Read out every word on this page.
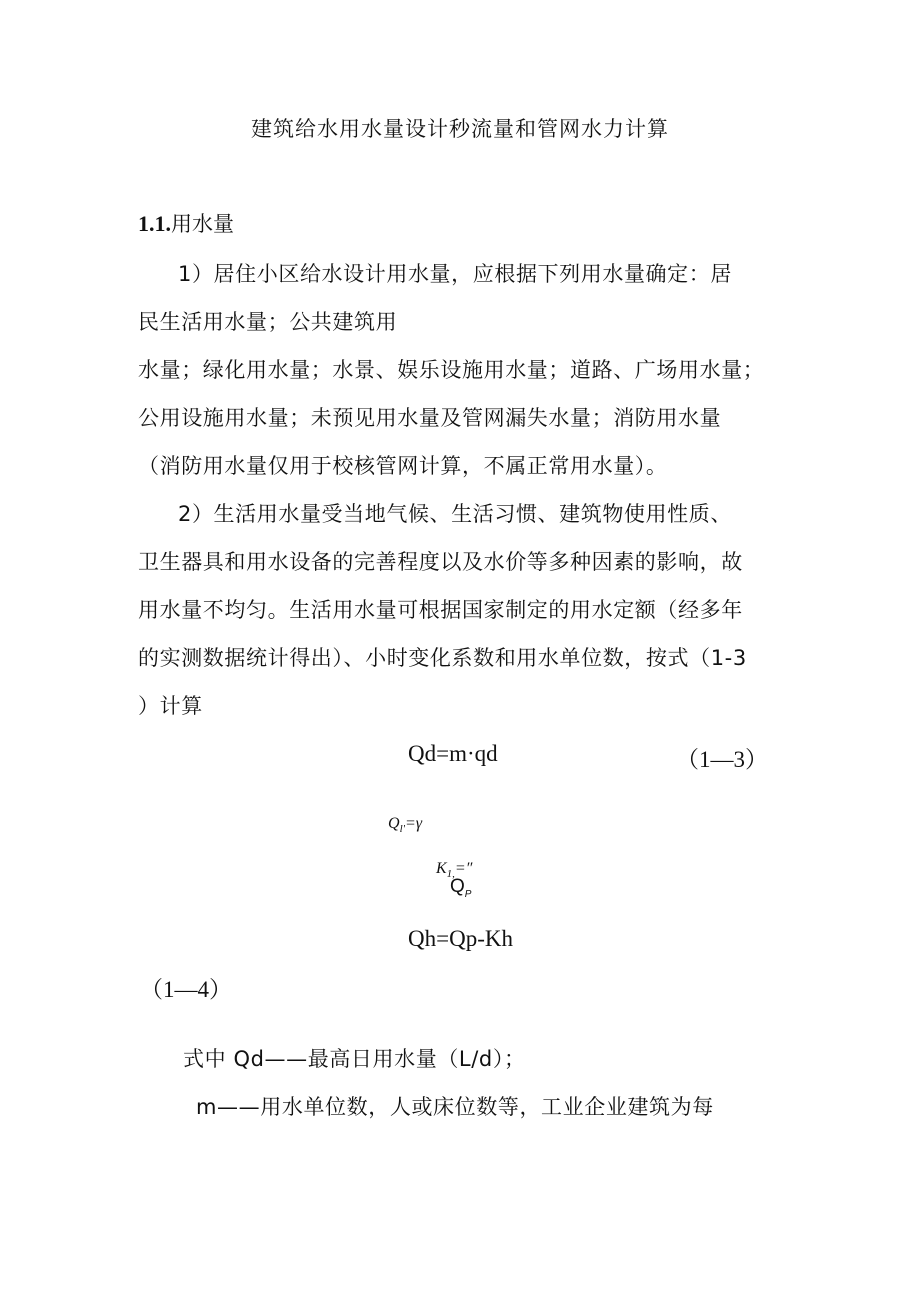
建筑给水用水量设计秒流量和管网水力计算
1.1.用水量
1）居住小区给水设计用水量，应根据下列用水量确定：居
民生活用水量；公共建筑用
水量；绿化用水量；水景、娱乐设施用水量；道路、广场用水量；
公用设施用水量；未预见用水量及管网漏失水量；消防用水量
（消防用水量仅用于校核管网计算，不属正常用水量）。
2）生活用水量受当地气候、生活习惯、建筑物使用性质、
卫生器具和用水设备的完善程度以及水价等多种因素的影响，故
用水量不均匀。生活用水量可根据国家制定的用水定额（经多年
的实测数据统计得出）、小时变化系数和用水单位数，按式（1-3
）计算
Qd=m·qd	（1—3）
$Q_{l'}=\gamma$
$K_{1,}=''$
$Q_P$
Qh=Qp-Kh
（1—4）
式中 Qd——最高日用水量（L/d）；
m——用水单位数，人或床位数等，工业企业建筑为每
